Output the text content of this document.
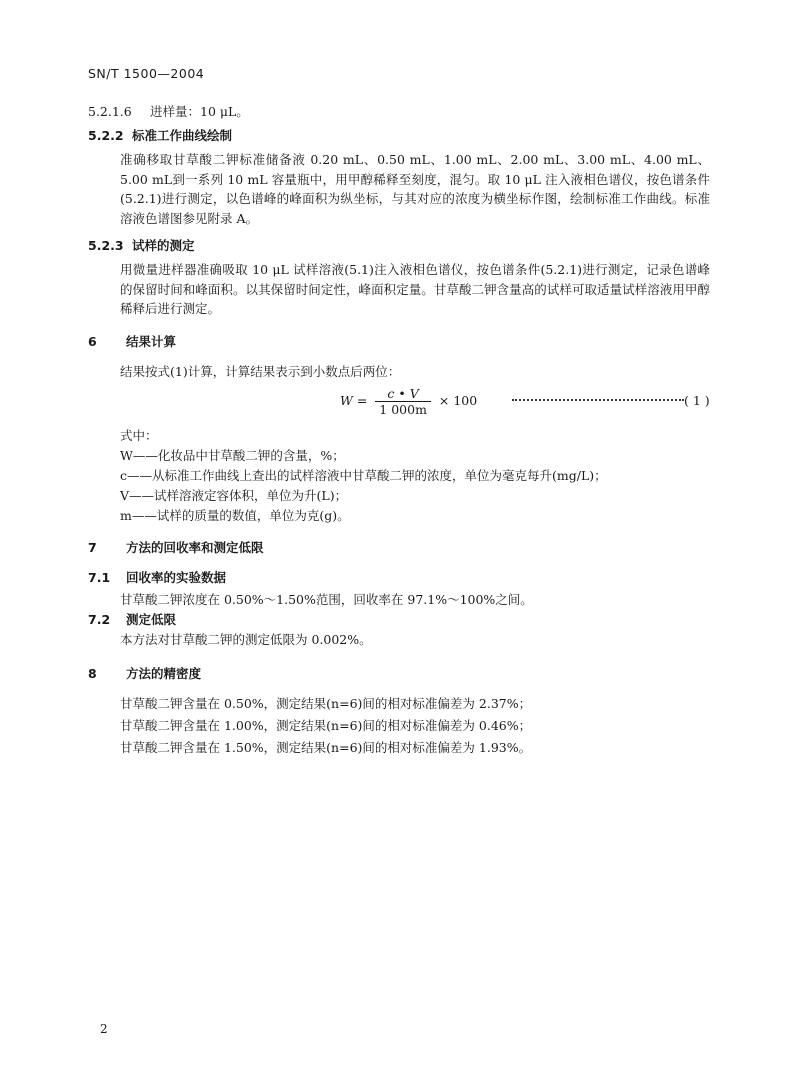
SN/T 1500—2004
5.2.1.6 进样量：10 μL。
5.2.2 标准工作曲线绘制
准确移取甘草酸二钾标准储备液 0.20 mL、0.50 mL、1.00 mL、2.00 mL、3.00 mL、4.00 mL、5.00 mL到一系列 10 mL 容量瓶中，用甲醇稀释至刻度，混匀。取 10 μL 注入液相色谱仪，按色谱条件(5.2.1)进行测定，以色谱峰的峰面积为纵坐标，与其对应的浓度为横坐标作图，绘制标准工作曲线。标准溶液色谱图参见附录 A。
5.2.3 试样的测定
用微量进样器准确吸取 10 μL 试样溶液(5.1)注入液相色谱仪，按色谱条件(5.2.1)进行测定，记录色谱峰的保留时间和峰面积。以其保留时间定性，峰面积定量。甘草酸二钾含量高的试样可取适量试样溶液用甲醇稀释后进行测定。
6 结果计算
结果按式(1)计算，计算结果表示到小数点后两位：
$W = \frac{c • V}{1 000m} \times 100$	( 1 )
式中：
W——化妆品中甘草酸二钾的含量，%；
c——从标准工作曲线上查出的试样溶液中甘草酸二钾的浓度，单位为毫克每升(mg/L)；
V——试样溶液定容体积，单位为升(L)；
m——试样的质量的数值，单位为克(g)。
7 方法的回收率和测定低限
7.1 回收率的实验数据
甘草酸二钾浓度在 0.50%～1.50%范围，回收率在 97.1%～100%之间。
7.2 测定低限
本方法对甘草酸二钾的测定低限为 0.002%。
8 方法的精密度
甘草酸二钾含量在 0.50%，测定结果(n=6)间的相对标准偏差为 2.37%；
甘草酸二钾含量在 1.00%，测定结果(n=6)间的相对标准偏差为 0.46%；
甘草酸二钾含量在 1.50%，测定结果(n=6)间的相对标准偏差为 1.93%。
2
